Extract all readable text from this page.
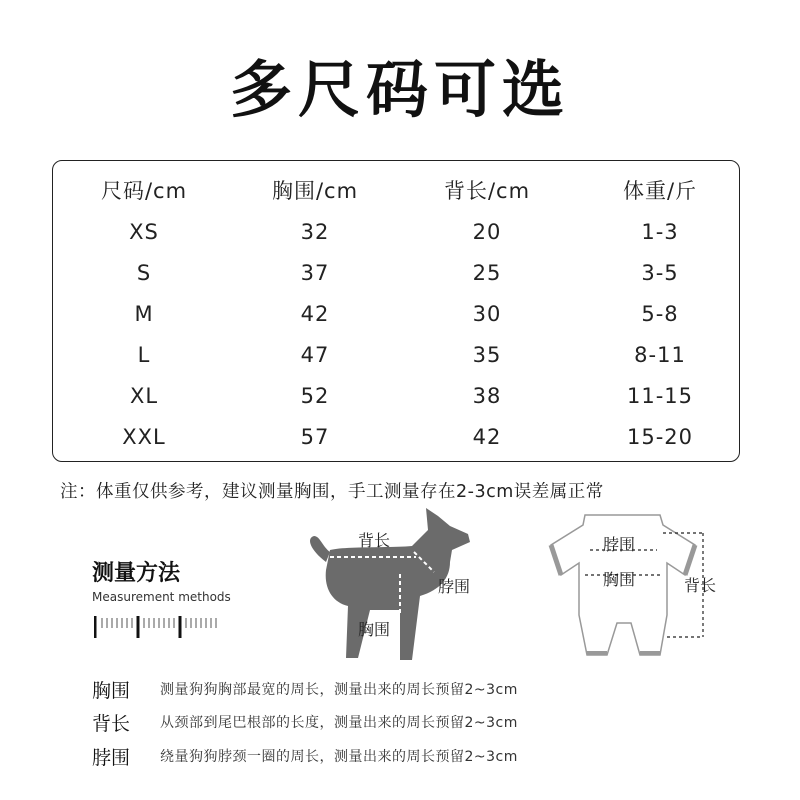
多尺码可选
尺码/cm	胸围/cm	背长/cm	体重/斤
XS	32	20	1-3
S	37	25	3-5
M	42	30	5-8
L	47	35	8-11
XL	52	38	11-15
XXL	57	42	15-20
注：体重仅供参考，建议测量胸围，手工测量存在2-3cm误差属正常
测量方法
Measurement methods
背长
脖围
胸围
脖围
胸围	背长
胸围 测量狗狗胸部最宽的周长，测量出来的周长预留2~3cm
背长 从颈部到尾巴根部的长度，测量出来的周长预留2~3cm
脖围 绕量狗狗脖颈一圈的周长，测量出来的周长预留2~3cm
